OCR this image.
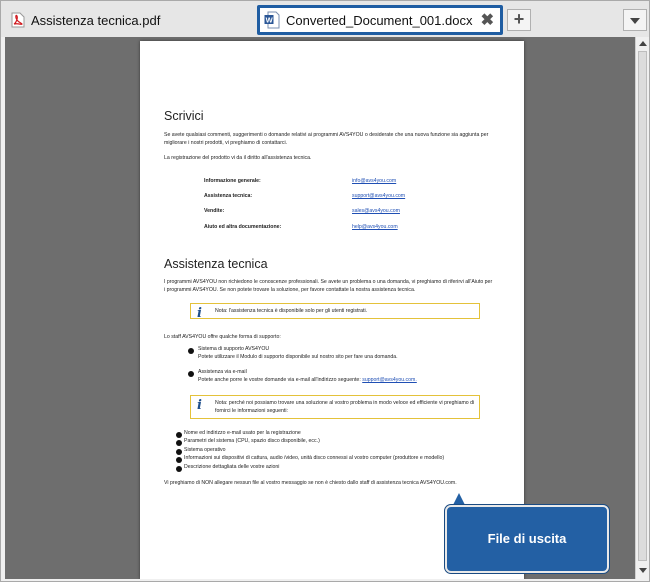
Assistenza tecnica.pdf	W Converted_Document_001.docx ✖	+
Scrivici
Se avete qualsiasi commenti, suggerimenti o domande relativi ai programmi AVS4YOU o desiderate che una nuova funzione sia aggiunta per migliorare i nostri prodotti, vi preghiamo di contattarci.
La registrazione del prodotto vi da il diritto all'assistenza tecnica.
Informazione generale:	info@avs4you.com
Assistenza tecnica:	support@avs4you.com
Vendite:	sales@avs4you.com
Aiuto ed altra documentazione:	help@avs4you.com
Assistenza tecnica
I programmi AVS4YOU non richiedono le conoscenze professionali. Se avete un problema o una domanda, vi preghiamo di riferirvi all'Aiuto per i programmi AVS4YOU. Se non potete trovare la soluzione, per favore contattate la nostra assistenza tecnica.
i	Nota: l'assistenza tecnica è disponibile solo per gli utenti registrati.
Lo staff AVS4YOU offre qualche forma di supporto:
Sistema di supporto AVS4YOU
Potete utilizzare il Modulo di supporto disponibile sul nostro sito per fare una domanda.
Assistenza via e-mail
Potete anche porre le vostre domande via e-mail all'indirizzo seguente: support@avs4you.com.
i	Nota: perché noi possiamo trovare una soluzione al vostro problema in modo veloce ed efficiente vi preghiamo di fornirci le informazioni seguenti:
Nome ed indirizzo e-mail usato per la registrazione
Parametri del sistema (CPU, spazio disco disponibile, ecc.)
Sistema operativo
Informazioni sui dispositivi di cattura, audio /video, unità disco connessi al vostro computer (produttore e modello)
Descrizione dettagliata delle vostre azioni
Vi preghiamo di NON allegare nessun file al vostro messaggio se non è chiesto dallo staff di assistenza tecnica AVS4YOU.com.
File di uscita
